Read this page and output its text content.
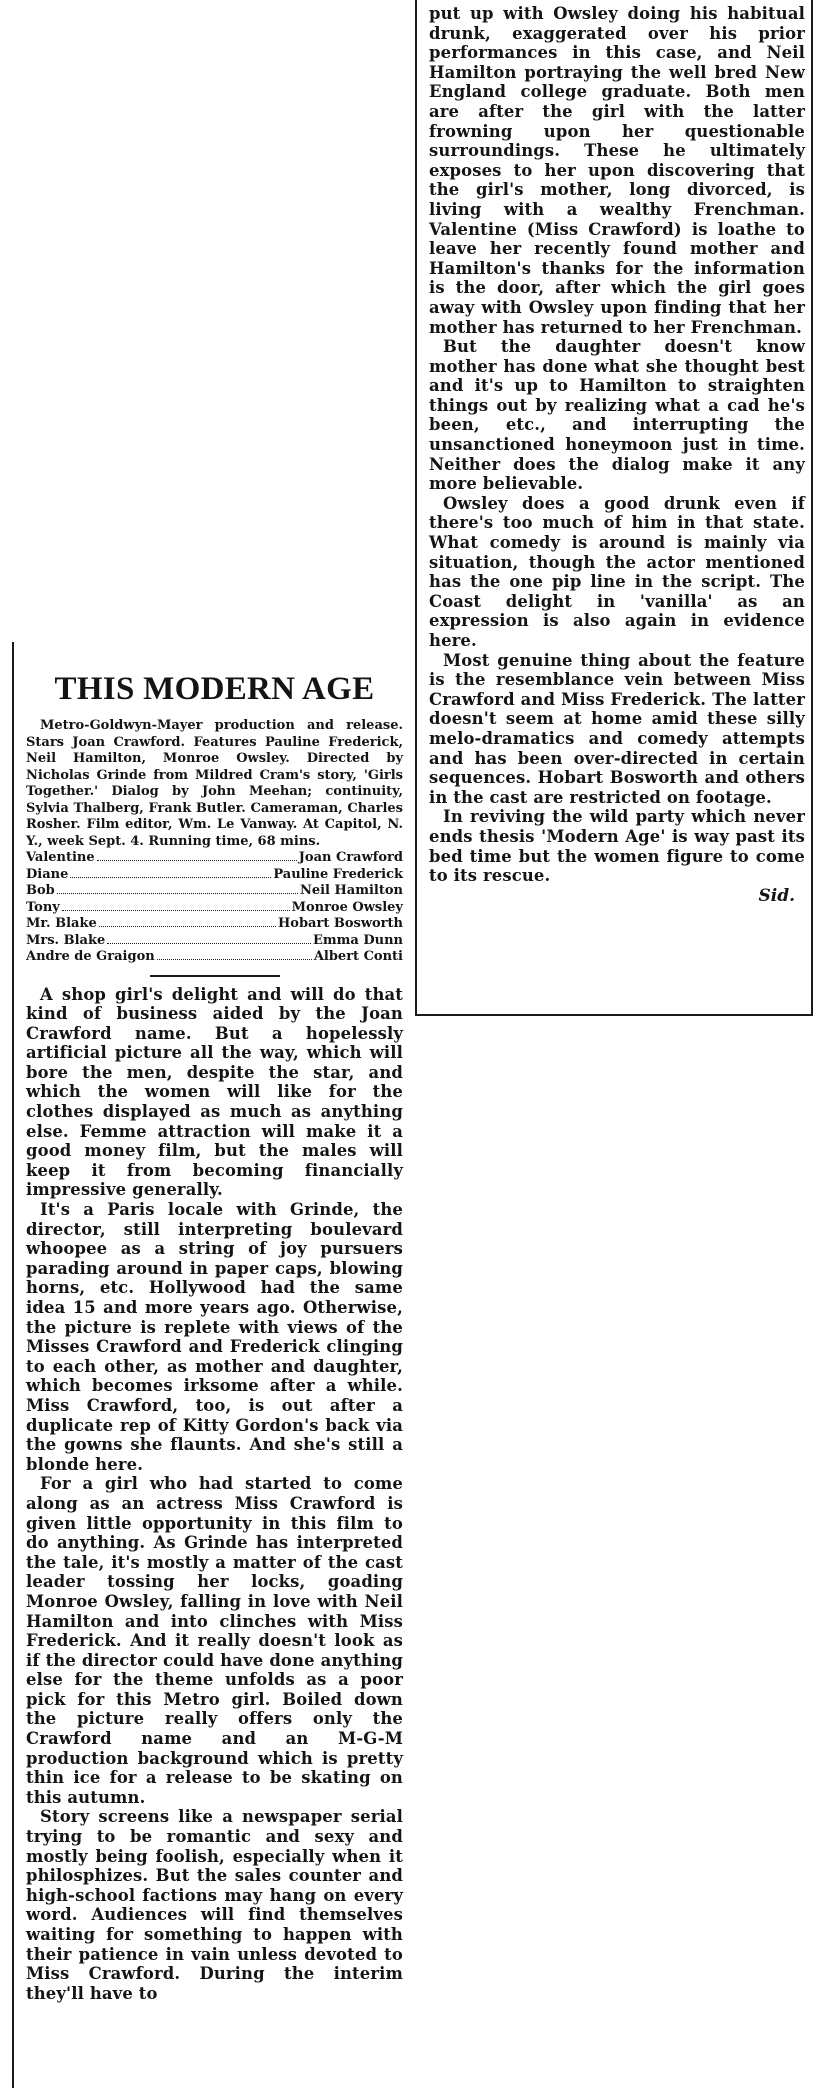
THIS MODERN AGE

Metro-Goldwyn-Mayer production and release. Stars Joan Crawford. Features Pauline Frederick, Neil Hamilton, Monroe Owsley. Directed by Nicholas Grinde from Mildred Cram's story, 'Girls Together.' Dialog by John Meehan; continuity, Sylvia Thalberg, Frank Butler. Cameraman, Charles Rosher. Film editor, Wm. Le Vanway. At Capitol, N. Y., week Sept. 4. Running time, 68 mins.

Valentine	Joan Crawford
Diane	Pauline Frederick
Bob	Neil Hamilton
Tony	Monroe Owsley
Mr. Blake	Hobart Bosworth
Mrs. Blake	Emma Dunn
Andre de Graigon	Albert Conti

A shop girl's delight and will do that kind of business aided by the Joan Crawford name. But a hopelessly artificial picture all the way, which will bore the men, despite the star, and which the women will like for the clothes displayed as much as anything else. Femme attraction will make it a good money film, but the males will keep it from becoming financially impressive generally.

It's a Paris locale with Grinde, the director, still interpreting boulevard whoopee as a string of joy pursuers parading around in paper caps, blowing horns, etc. Hollywood had the same idea 15 and more years ago. Otherwise, the picture is replete with views of the Misses Crawford and Frederick clinging to each other, as mother and daughter, which becomes irksome after a while. Miss Crawford, too, is out after a duplicate rep of Kitty Gordon's back via the gowns she flaunts. And she's still a blonde here.

For a girl who had started to come along as an actress Miss Crawford is given little opportunity in this film to do anything. As Grinde has interpreted the tale, it's mostly a matter of the cast leader tossing her locks, goading Monroe Owsley, falling in love with Neil Hamilton and into clinches with Miss Frederick. And it really doesn't look as if the director could have done anything else for the theme unfolds as a poor pick for this Metro girl. Boiled down the picture really offers only the Crawford name and an M-G-M production background which is pretty thin ice for a release to be skating on this autumn.

Story screens like a newspaper serial trying to be romantic and sexy and mostly being foolish, especially when it philosphizes. But the sales counter and high-school factions may hang on every word. Audiences will find themselves waiting for something to happen with their patience in vain unless devoted to Miss Crawford. During the interim they'll have to

put up with Owsley doing his habitual drunk, exaggerated over his prior performances in this case, and Neil Hamilton portraying the well bred New England college graduate. Both men are after the girl with the latter frowning upon her questionable surroundings. These he ultimately exposes to her upon discovering that the girl's mother, long divorced, is living with a wealthy Frenchman. Valentine (Miss Crawford) is loathe to leave her recently found mother and Hamilton's thanks for the information is the door, after which the girl goes away with Owsley upon finding that her mother has returned to her Frenchman.

But the daughter doesn't know mother has done what she thought best and it's up to Hamilton to straighten things out by realizing what a cad he's been, etc., and interrupting the unsanctioned honeymoon just in time. Neither does the dialog make it any more believable.

Owsley does a good drunk even if there's too much of him in that state. What comedy is around is mainly via situation, though the actor mentioned has the one pip line in the script. The Coast delight in 'vanilla' as an expression is also again in evidence here.

Most genuine thing about the feature is the resemblance vein between Miss Crawford and Miss Frederick. The latter doesn't seem at home amid these silly melo-dramatics and comedy attempts and has been over-directed in certain sequences. Hobart Bosworth and others in the cast are restricted on footage.

In reviving the wild party which never ends thesis 'Modern Age' is way past its bed time but the women figure to come to its rescue.

Sid.
